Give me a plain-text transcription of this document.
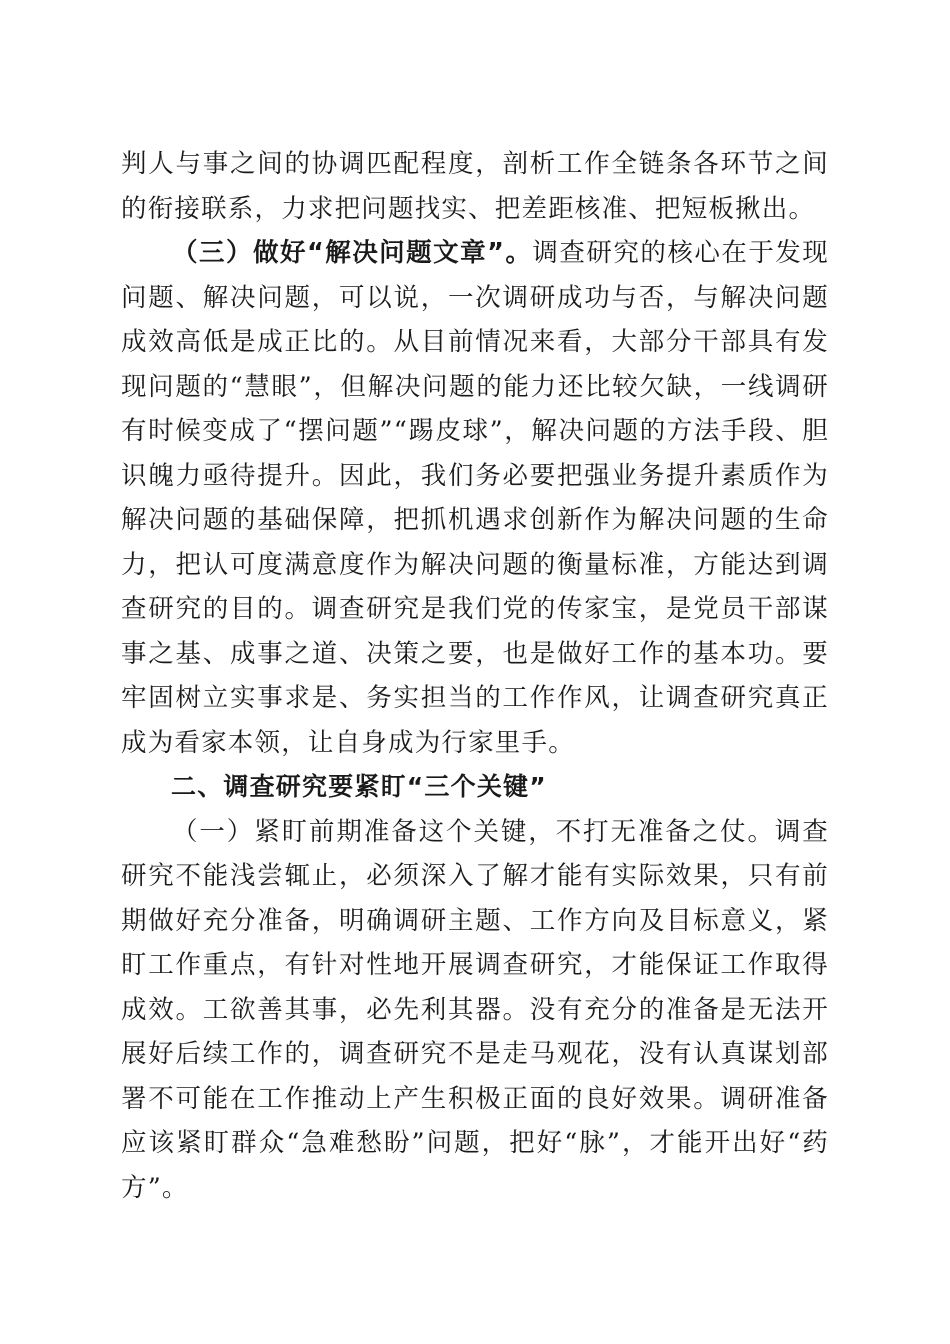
判人与事之间的协调匹配程度，剖析工作全链条各环节之间的衔接联系，力求把问题找实、把差距核准、把短板揪出。

（三）做好“解决问题文章”。调查研究的核心在于发现问题、解决问题，可以说，一次调研成功与否，与解决问题成效高低是成正比的。从目前情况来看，大部分干部具有发现问题的“慧眼”，但解决问题的能力还比较欠缺，一线调研有时候变成了“摆问题”“踢皮球”，解决问题的方法手段、胆识魄力亟待提升。因此，我们务必要把强业务提升素质作为解决问题的基础保障，把抓机遇求创新作为解决问题的生命力，把认可度满意度作为解决问题的衡量标准，方能达到调查研究的目的。调查研究是我们党的传家宝，是党员干部谋事之基、成事之道、决策之要，也是做好工作的基本功。要牢固树立实事求是、务实担当的工作作风，让调查研究真正成为看家本领，让自身成为行家里手。

二、调查研究要紧盯“三个关键”

（一）紧盯前期准备这个关键，不打无准备之仗。调查研究不能浅尝辄止，必须深入了解才能有实际效果，只有前期做好充分准备，明确调研主题、工作方向及目标意义，紧盯工作重点，有针对性地开展调查研究，才能保证工作取得成效。工欲善其事，必先利其器。没有充分的准备是无法开展好后续工作的，调查研究不是走马观花，没有认真谋划部署不可能在工作推动上产生积极正面的良好效果。调研准备应该紧盯群众“急难愁盼”问题，把好“脉”，才能开出好“药方”。
